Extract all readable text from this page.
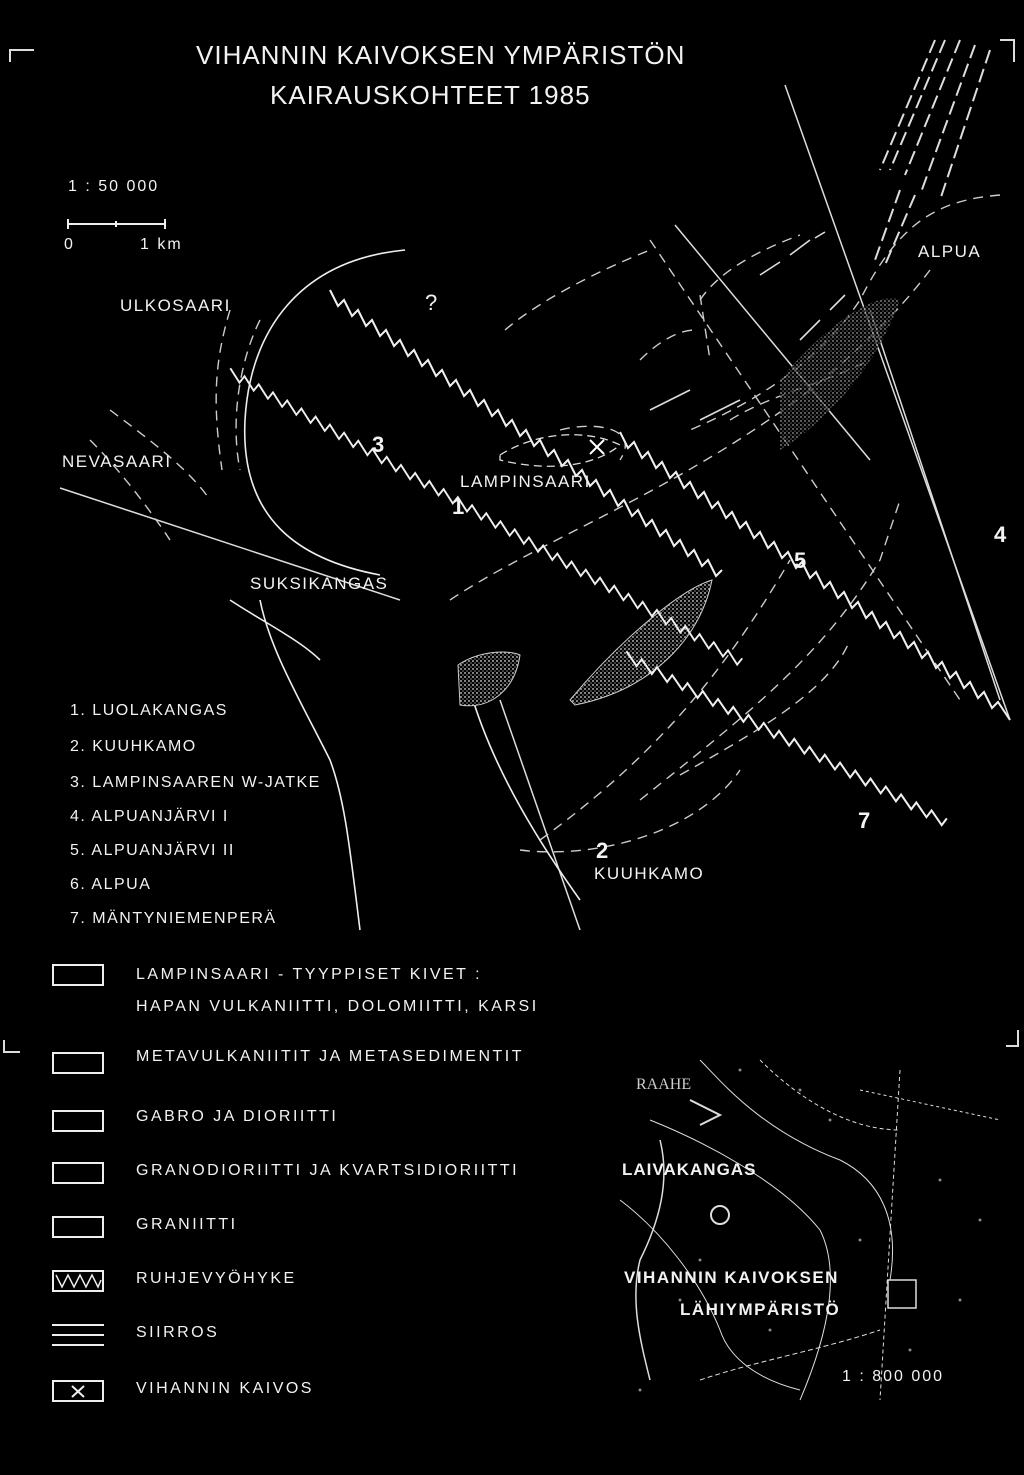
VIHANNIN KAIVOKSEN YMPÄRISTÖN
KAIRAUSKOHTEET 1985
1 : 50 000
0	1 km
ULKOSAARI	?
NEVASAARI
LAMPINSAARI
SUKSIKANGAS
KUUHKAMO
ALPUA
1
2
3
4
5
7
1. LUOLAKANGAS
2. KUUHKAMO
3. LAMPINSAAREN W-JATKE
4. ALPUANJÄRVI I
5. ALPUANJÄRVI II
6. ALPUA
7. MÄNTYNIEMENPERÄ
LAMPINSAARI - TYYPPISET KIVET :
HAPAN VULKANIITTI, DOLOMIITTI, KARSI
METAVULKANIITIT JA METASEDIMENTIT
GABRO JA DIORIITTI
GRANODIORIITTI JA KVARTSIDIORIITTI
GRANIITTI
RUHJEVYÖHYKE
SIIRROS
VIHANNIN KAIVOS
RAAHE
LAIVAKANGAS
VIHANNIN KAIVOKSEN
LÄHIYMPÄRISTÖ
1 : 800 000
